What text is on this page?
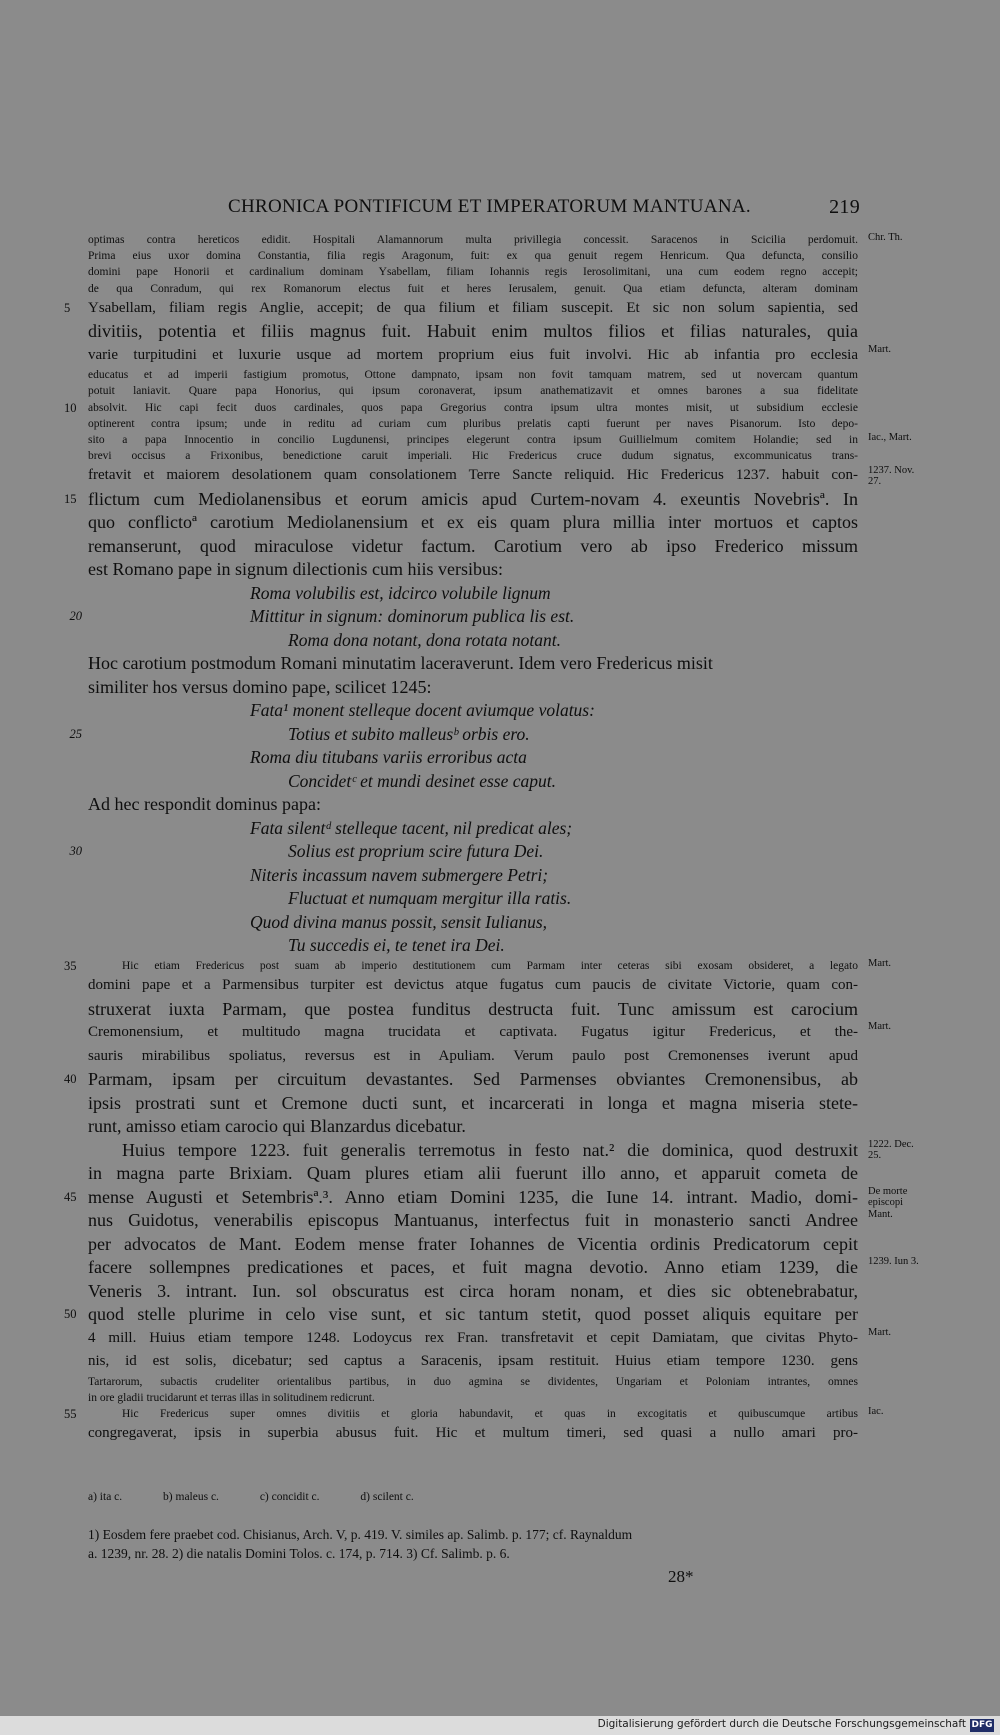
CHRONICA PONTIFICUM ET IMPERATORUM MANTUANA.	219
optimas contra hereticos edidit. Hospitali Alamannorum multa privillegia concessit. Saracenos in Scicilia perdomuit.
Prima eius uxor domina Constantia, filia regis Aragonum, fuit: ex qua genuit regem Henricum. Qua defuncta, consilio
domini pape Honorii et cardinalium dominam Ysabellam, filiam Iohannis regis Ierosolimitani, una cum eodem regno accepit;
de qua Conradum, qui rex Romanorum electus fuit et heres Ierusalem, genuit. Qua etiam defuncta, alteram dominam
5	Ysabellam, filiam regis Anglie, accepit; de qua filium et filiam suscepit. Et sic non solum sapientia, sed
divitiis, potentia et filiis magnus fuit. Habuit enim multos filios et filias naturales, quia
varie turpitudini et luxurie usque ad mortem proprium eius fuit involvi. Hic ab infantia pro ecclesia
educatus et ad imperii fastigium promotus, Ottone dampnato, ipsam non fovit tamquam matrem, sed ut novercam quantum
potuit laniavit. Quare papa Honorius, qui ipsum coronaverat, ipsum anathematizavit et omnes barones a sua fidelitate
10	absolvit. Hic capi fecit duos cardinales, quos papa Gregorius contra ipsum ultra montes misit, ut subsidium ecclesie
optinerent contra ipsum; unde in reditu ad curiam cum pluribus prelatis capti fuerunt per naves Pisanorum. Isto depo-
sito a papa Innocentio in concilio Lugdunensi, principes elegerunt contra ipsum Guillielmum comitem Holandie; sed in
brevi occisus a Frixonibus, benedictione caruit imperiali. Hic Fredericus cruce dudum signatus, excommunicatus trans-
fretavit et maiorem desolationem quam consolationem Terre Sancte reliquid. Hic Fredericus 1237. habuit con-
15 flictum cum Mediolanensibus et eorum amicis apud Curtem-novam 4. exeuntis Novebrisª. In
quo conflictoª carotium Mediolanensium et ex eis quam plura millia inter mortuos et captos
remanserunt, quod miraculose videtur factum. Carotium vero ab ipso Frederico missum
est Romano pape in signum dilectionis cum hiis versibus:
Roma volubilis est, idcirco volubile lignum
20	Mittitur in signum: dominorum publica lis est.
Roma dona notant, dona rotata notant.
Hoc carotium postmodum Romani minutatim laceraverunt. Idem vero Fredericus misit
similiter hos versus domino pape, scilicet 1245:
Fata¹ monent stelleque docent aviumque volatus:
25	Totius et subito malleusᵇ orbis ero.
Roma diu titubans variis erroribus acta
Concidetᶜ et mundi desinet esse caput.
Ad hec respondit dominus papa:
Fata silentᵈ stelleque tacent, nil predicat ales;
30	Solius est proprium scire futura Dei.
Niteris incassum navem submergere Petri;
Fluctuat et numquam mergitur illa ratis.
Quod divina manus possit, sensit Iulianus,
Tu succedis ei, te tenet ira Dei.
35	Hic etiam Fredericus post suam ab imperio destitutionem cum Parmam inter ceteras sibi exosam obsideret, a legato
domini pape et a Parmensibus turpiter est devictus atque fugatus cum paucis de civitate Victorie, quam con-
struxerat iuxta Parmam, que postea funditus destructa fuit. Tunc amissum est carocium
Cremonensium, et multitudo magna trucidata et captivata. Fugatus igitur Fredericus, et the-
sauris mirabilibus spoliatus, reversus est in Apuliam. Verum paulo post Cremonenses iverunt apud
40 Parmam, ipsam per circuitum devastantes. Sed Parmenses obviantes Cremonensibus, ab
ipsis prostrati sunt et Cremone ducti sunt, et incarcerati in longa et magna miseria stete-
runt, amisso etiam carocio qui Blanzardus dicebatur.
Huius tempore 1223. fuit generalis terremotus in festo nat.² die dominica, quod destruxit
in magna parte Brixiam. Quam plures etiam alii fuerunt illo anno, et apparuit cometa de
45 mense Augusti et Setembrisª.³. Anno etiam Domini 1235, die Iune 14. intrant. Madio, domi-
nus Guidotus, venerabilis episcopus Mantuanus, interfectus fuit in monasterio sancti Andree
per advocatos de Mant. Eodem mense frater Iohannes de Vicentia ordinis Predicatorum cepit
facere sollempnes predicationes et paces, et fuit magna devotio. Anno etiam 1239, die
Veneris 3. intrant. Iun. sol obscuratus est circa horam nonam, et dies sic obtenebrabatur,
50 quod stelle plurime in celo vise sunt, et sic tantum stetit, quod posset aliquis equitare per
4 mill. Huius etiam tempore 1248. Lodoycus rex Fran. transfretavit et cepit Damiatam, que civitas Phyto-
nis, id est solis, dicebatur; sed captus a Saracenis, ipsam restituit. Huius etiam tempore 1230. gens
Tartarorum, subactis crudeliter orientalibus partibus, in duo agmina se dividentes, Ungariam et Poloniam intrantes, omnes
in ore gladii trucidarunt et terras illas in solitudinem redicrunt.
55	Hic Fredericus super omnes divitiis et gloria habundavit, et quas in excogitatis et quibuscumque artibus
congregaverat, ipsis in superbia abusus fuit. Hic et multum timeri, sed quasi a nullo amari pro-
Chr. Th.
Mart.
Iac., Mart.
1237. Nov. 27.
Mart.
Mart.
1222. Dec. 25.
De morte episcopi Mant.
1239. Iun 3.
Mart.
Iac.
a) ita c.	b) maleus c.	c) concidit c.	d) scilent c.
1) Eosdem fere praebet cod. Chisianus, Arch. V, p. 419. V. similes ap. Salimb. p. 177; cf. Raynaldum
a. 1239, nr. 28. 2) die natalis Domini Tolos. c. 174, p. 714. 3) Cf. Salimb. p. 6.
28*
Digitalisierung gefördert durch die Deutsche Forschungsgemeinschaft DFG
